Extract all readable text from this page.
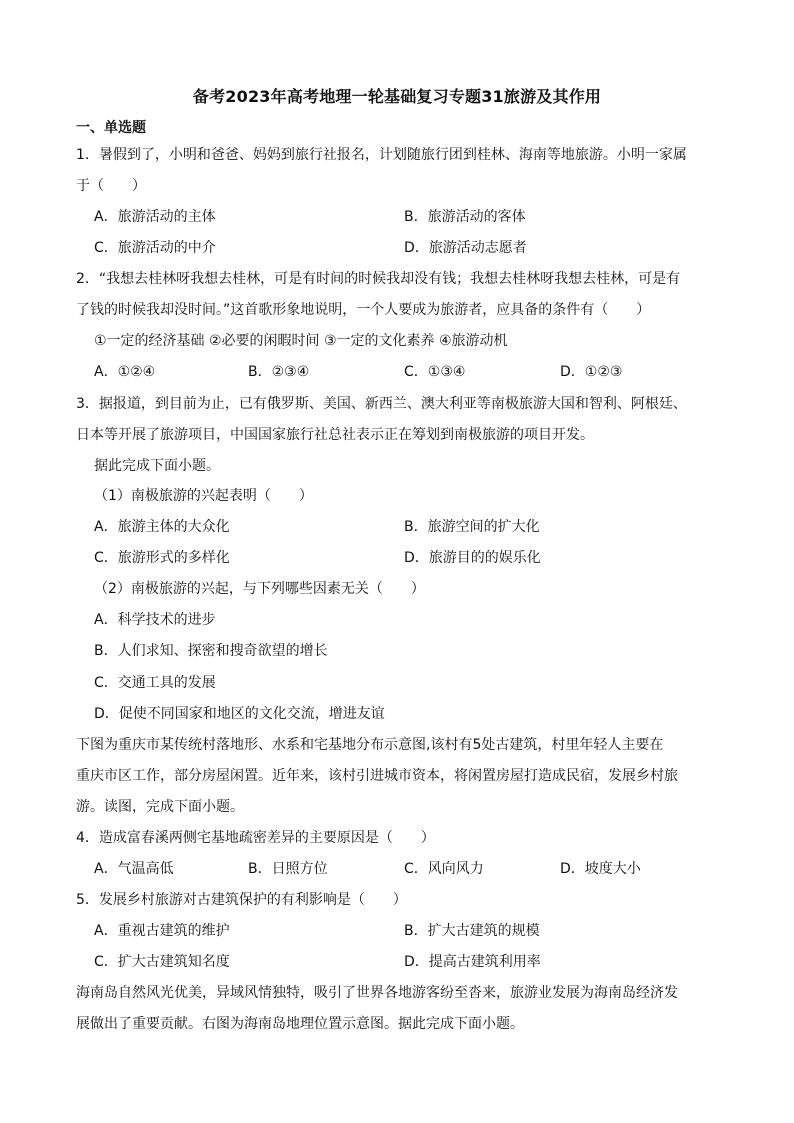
备考2023年高考地理一轮基础复习专题31旅游及其作用
一、单选题
1．暑假到了，小明和爸爸、妈妈到旅行社报名，计划随旅行团到桂林、海南等地旅游。小明一家属
于（　　）
A．旅游活动的主体	B．旅游活动的客体
C．旅游活动的中介	D．旅游活动志愿者
2．“我想去桂林呀我想去桂林，可是有时间的时候我却没有钱；我想去桂林呀我想去桂林，可是有
了钱的时候我却没时间。”这首歌形象地说明，一个人要成为旅游者，应具备的条件有（　　）
①一定的经济基础 ②必要的闲暇时间 ③一定的文化素养 ④旅游动机
A．①②④	B．②③④	C．①③④	D．①②③
3．据报道，到目前为止，已有俄罗斯、美国、新西兰、澳大利亚等南极旅游大国和智利、阿根廷、
日本等开展了旅游项目，中国国家旅行社总社表示正在筹划到南极旅游的项目开发。
据此完成下面小题。
（1）南极旅游的兴起表明（　　）
A．旅游主体的大众化	B．旅游空间的扩大化
C．旅游形式的多样化	D．旅游目的的娱乐化
（2）南极旅游的兴起，与下列哪些因素无关（　　）
A．科学技术的进步
B．人们求知、探密和搜奇欲望的增长
C．交通工具的发展
D．促使不同国家和地区的文化交流，增进友谊
下图为重庆市某传统村落地形、水系和宅基地分布示意图,该村有5处古建筑，村里年轻人主要在
重庆市区工作，部分房屋闲置。近年来，该村引进城市资本，将闲置房屋打造成民宿，发展乡村旅
游。读图，完成下面小题。
4．造成富春溪两侧宅基地疏密差异的主要原因是（　　）
A．气温高低	B．日照方位	C．风向风力	D．坡度大小
5．发展乡村旅游对古建筑保护的有利影响是（　　）
A．重视古建筑的维护	B．扩大古建筑的规模
C．扩大古建筑知名度	D．提高古建筑利用率
海南岛自然风光优美，异域风情独特，吸引了世界各地游客纷至沓来，旅游业发展为海南岛经济发
展做出了重要贡献。右图为海南岛地理位置示意图。据此完成下面小题。
